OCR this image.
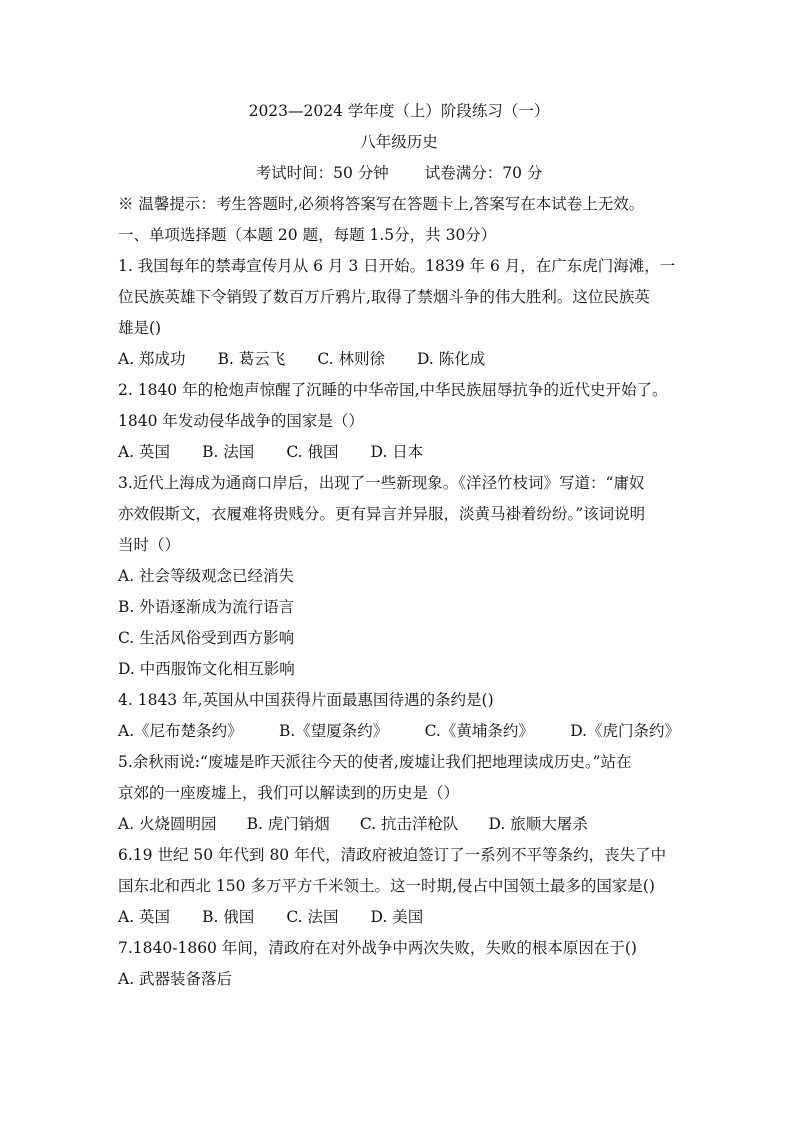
2023—2024 学年度（上）阶段练习（一）
八年级历史
考试时间：50 分钟 试卷满分：70 分
※ 温馨提示：考生答题时,必须将答案写在答题卡上,答案写在本试卷上无效。
一、单项选择题（本题 20 题，每题 1.5分，共 30分）
1. 我国每年的禁毒宣传月从 6 月 3 日开始。1839 年 6 月，在广东虎门海滩，一
位民族英雄下令销毁了数百万斤鸦片,取得了禁烟斗争的伟大胜利。这位民族英
雄是()
A. 郑成功 B. 葛云飞 C. 林则徐 D. 陈化成
2. 1840 年的枪炮声惊醒了沉睡的中华帝国,中华民族屈辱抗争的近代史开始了。
1840 年发动侵华战争的国家是（）
A. 英国 B. 法国 C. 俄国 D. 日本
3.近代上海成为通商口岸后，出现了一些新现象。《洋泾竹枝词》写道：“庸奴
亦效假斯文，衣履难将贵贱分。更有异言并异服，淡黄马褂着纷纷。”该词说明
当时（）
A. 社会等级观念已经消失
B. 外语逐渐成为流行语言
C. 生活风俗受到西方影响
D. 中西服饰文化相互影响
4. 1843 年,英国从中国获得片面最惠国待遇的条约是()
A.《尼布楚条约》 B.《望厦条约》 C.《黄埔条约》 D.《虎门条约》
5.余秋雨说:“废墟是昨天派往今天的使者,废墟让我们把地理读成历史。”站在
京郊的一座废墟上，我们可以解读到的历史是（）
A. 火烧圆明园 B. 虎门销烟 C. 抗击洋枪队 D. 旅顺大屠杀
6.19 世纪 50 年代到 80 年代，清政府被迫签订了一系列不平等条约，丧失了中
国东北和西北 150 多万平方千米领土。这一时期,侵占中国领土最多的国家是()
A. 英国 B. 俄国 C. 法国 D. 美国
7.1840-1860 年间，清政府在对外战争中两次失败，失败的根本原因在于()
A. 武器装备落后
